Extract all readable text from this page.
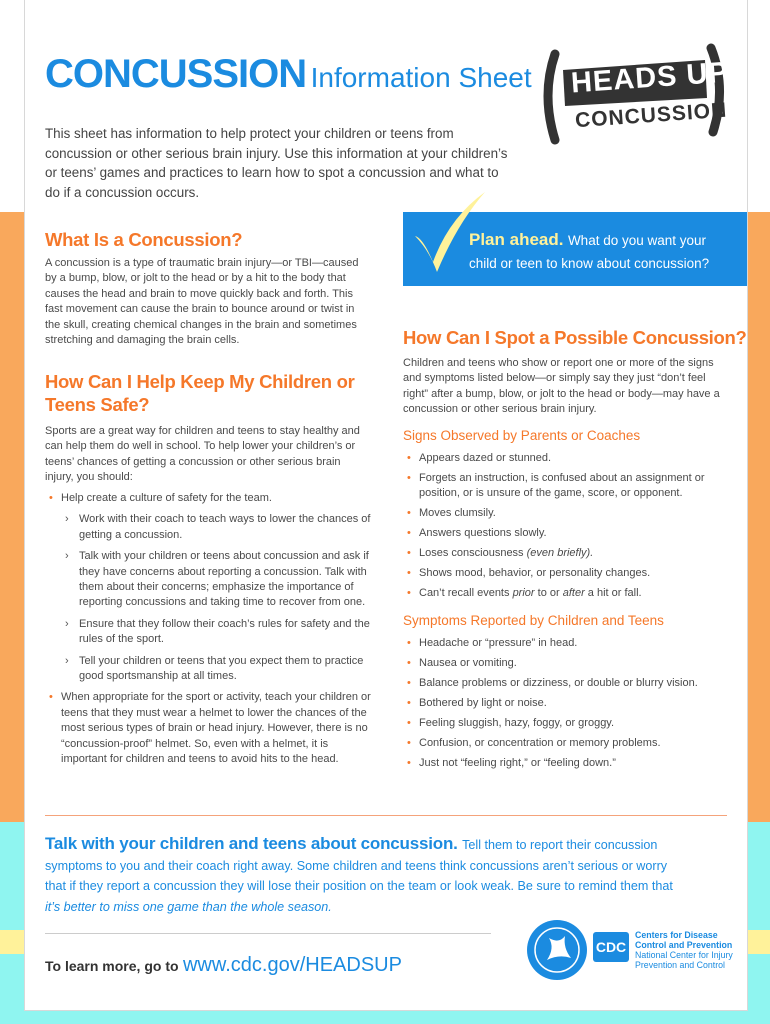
CONCUSSION Information Sheet HEADS UP
CONCUSSION

This sheet has information to help protect your children or teens from concussion or other serious brain injury. Use this information at your children’s or teens’ games and practices to learn how to spot a concussion and what to do if a concussion occurs.

What Is a Concussion?

A concussion is a type of traumatic brain injury—or TBI—caused by a bump, blow, or jolt to the head or by a hit to the body that causes the head and brain to move quickly back and forth. This fast movement can cause the brain to bounce around or twist in the skull, creating chemical changes in the brain and sometimes stretching and damaging the brain cells.

How Can I Help Keep My Children or
Teens Safe?

Sports are a great way for children and teens to stay healthy and can help them do well in school. To help lower your children’s or teens’ chances of getting a concussion or other serious brain injury, you should:

• Help create a culture of safety for the team.
› Work with their coach to teach ways to lower the chances of getting a concussion.
› Talk with your children or teens about concussion and ask if they have concerns about reporting a concussion. Talk with them about their concerns; emphasize the importance of reporting concussions and taking time to recover from one.
› Ensure that they follow their coach’s rules for safety and the rules of the sport.
› Tell your children or teens that you expect them to practice good sportsmanship at all times.
• When appropriate for the sport or activity, teach your children or teens that they must wear a helmet to lower the chances of the most serious types of brain or head injury. However, there is no “concussion-proof” helmet. So, even with a helmet, it is important for children and teens to avoid hits to the head.
Plan ahead. What do you want your
child or teen to know about concussion?
How Can I Spot a Possible Concussion?

Children and teens who show or report one or more of the signs and symptoms listed below—or simply say they just “don’t feel right” after a bump, blow, or jolt to the head or body—may have a concussion or other serious brain injury.

Signs Observed by Parents or Coaches
• Appears dazed or stunned.
• Forgets an instruction, is confused about an assignment or position, or is unsure of the game, score, or opponent.
• Moves clumsily.
• Answers questions slowly.
• Loses consciousness (even briefly).
• Shows mood, behavior, or personality changes.
• Can’t recall events prior to or after a hit or fall.
Symptoms Reported by Children and Teens
• Headache or “pressure” in head.
• Nausea or vomiting.
• Balance problems or dizziness, or double or blurry vision.
• Bothered by light or noise.
• Feeling sluggish, hazy, foggy, or groggy.
• Confusion, or concentration or memory problems.
• Just not “feeling right,” or “feeling down.”
Talk with your children and teens about concussion. Tell them to report their concussion
symptoms to you and their coach right away. Some children and teens think concussions aren’t serious or worry
that if they report a concussion they will lose their position on the team or look weak. Be sure to remind them that
it’s better to miss one game than the whole season.
To learn more, go to www.cdc.gov/HEADSUP
CDC
Centers for Disease
Control and Prevention
National Center for Injury
Prevention and Control
